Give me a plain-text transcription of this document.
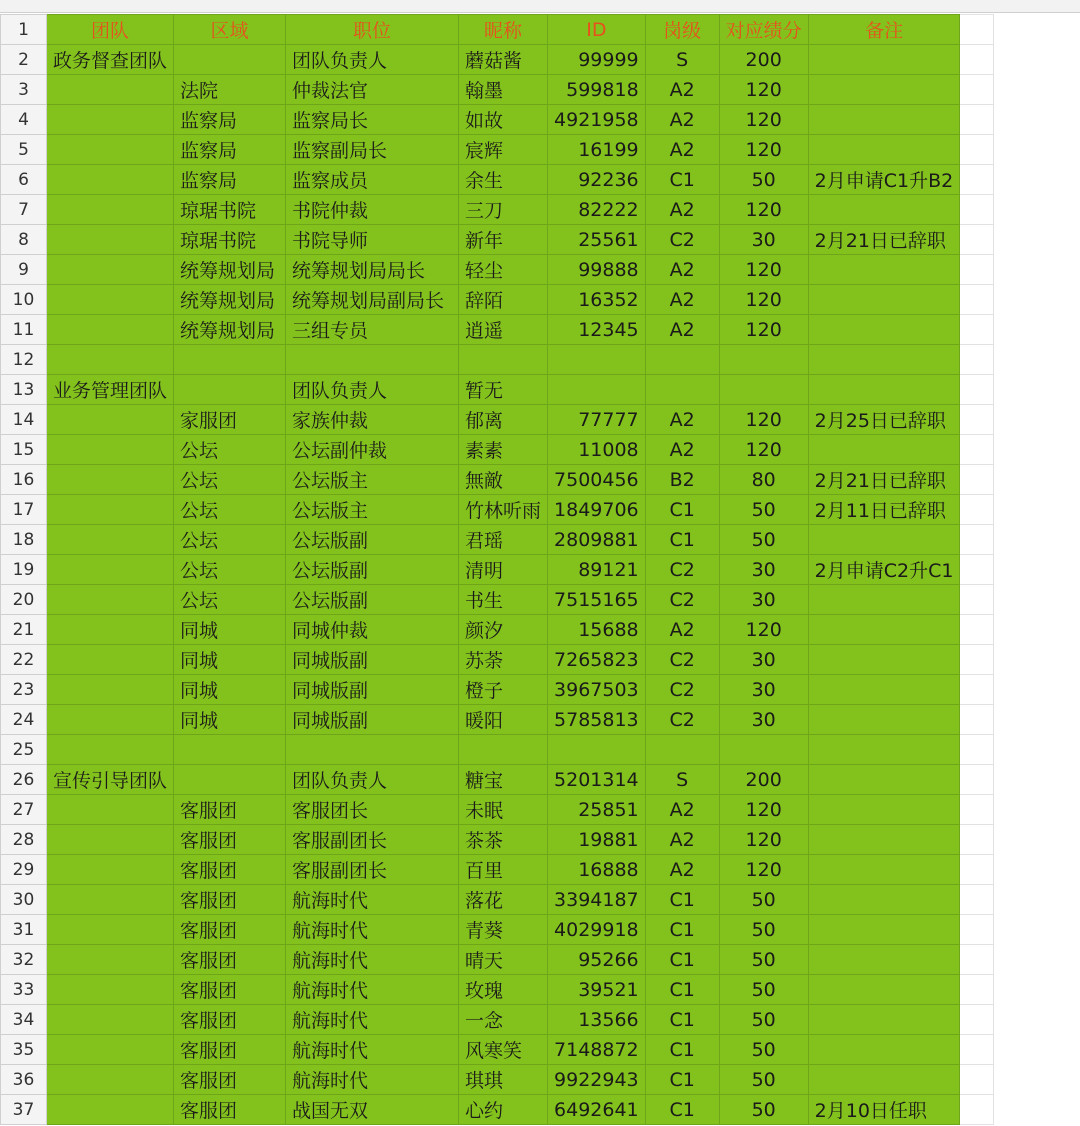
1	团队	区域	职位	昵称	ID	岗级	对应绩分	备注	
2	政务督查团队		团队负责人	蘑菇酱	99999	S	200		
3		法院	仲裁法官	翰墨	599818	A2	120		
4		监察局	监察局长	如故	4921958	A2	120		
5		监察局	监察副局长	宸辉	16199	A2	120		
6		监察局	监察成员	余生	92236	C1	50	2月申请C1升B2	
7		琼琚书院	书院仲裁	三刀	82222	A2	120		
8		琼琚书院	书院导师	新年	25561	C2	30	2月21日已辞职	
9		统筹规划局	统筹规划局局长	轻尘	99888	A2	120		
10		统筹规划局	统筹规划局副局长	辞陌	16352	A2	120		
11		统筹规划局	三组专员	逍遥	12345	A2	120		
12									
13	业务管理团队		团队负责人	暂无					
14		家服团	家族仲裁	郁离	77777	A2	120	2月25日已辞职	
15		公坛	公坛副仲裁	素素	11008	A2	120		
16		公坛	公坛版主	無敵	7500456	B2	80	2月21日已辞职	
17		公坛	公坛版主	竹林听雨	1849706	C1	50	2月11日已辞职	
18		公坛	公坛版副	君瑶	2809881	C1	50		
19		公坛	公坛版副	清明	89121	C2	30	2月申请C2升C1	
20		公坛	公坛版副	书生	7515165	C2	30		
21		同城	同城仲裁	颜汐	15688	A2	120		
22		同城	同城版副	苏荼	7265823	C2	30		
23		同城	同城版副	橙子	3967503	C2	30		
24		同城	同城版副	暖阳	5785813	C2	30		
25									
26	宣传引导团队		团队负责人	糖宝	5201314	S	200		
27		客服团	客服团长	未眠	25851	A2	120		
28		客服团	客服副团长	茶茶	19881	A2	120		
29		客服团	客服副团长	百里	16888	A2	120		
30		客服团	航海时代	落花	3394187	C1	50		
31		客服团	航海时代	青葵	4029918	C1	50		
32		客服团	航海时代	晴天	95266	C1	50		
33		客服团	航海时代	玫瑰	39521	C1	50		
34		客服团	航海时代	一念	13566	C1	50		
35		客服团	航海时代	风寒笑	7148872	C1	50		
36		客服团	航海时代	琪琪	9922943	C1	50		
37		客服团	战国无双	心约	6492641	C1	50	2月10日任职	
